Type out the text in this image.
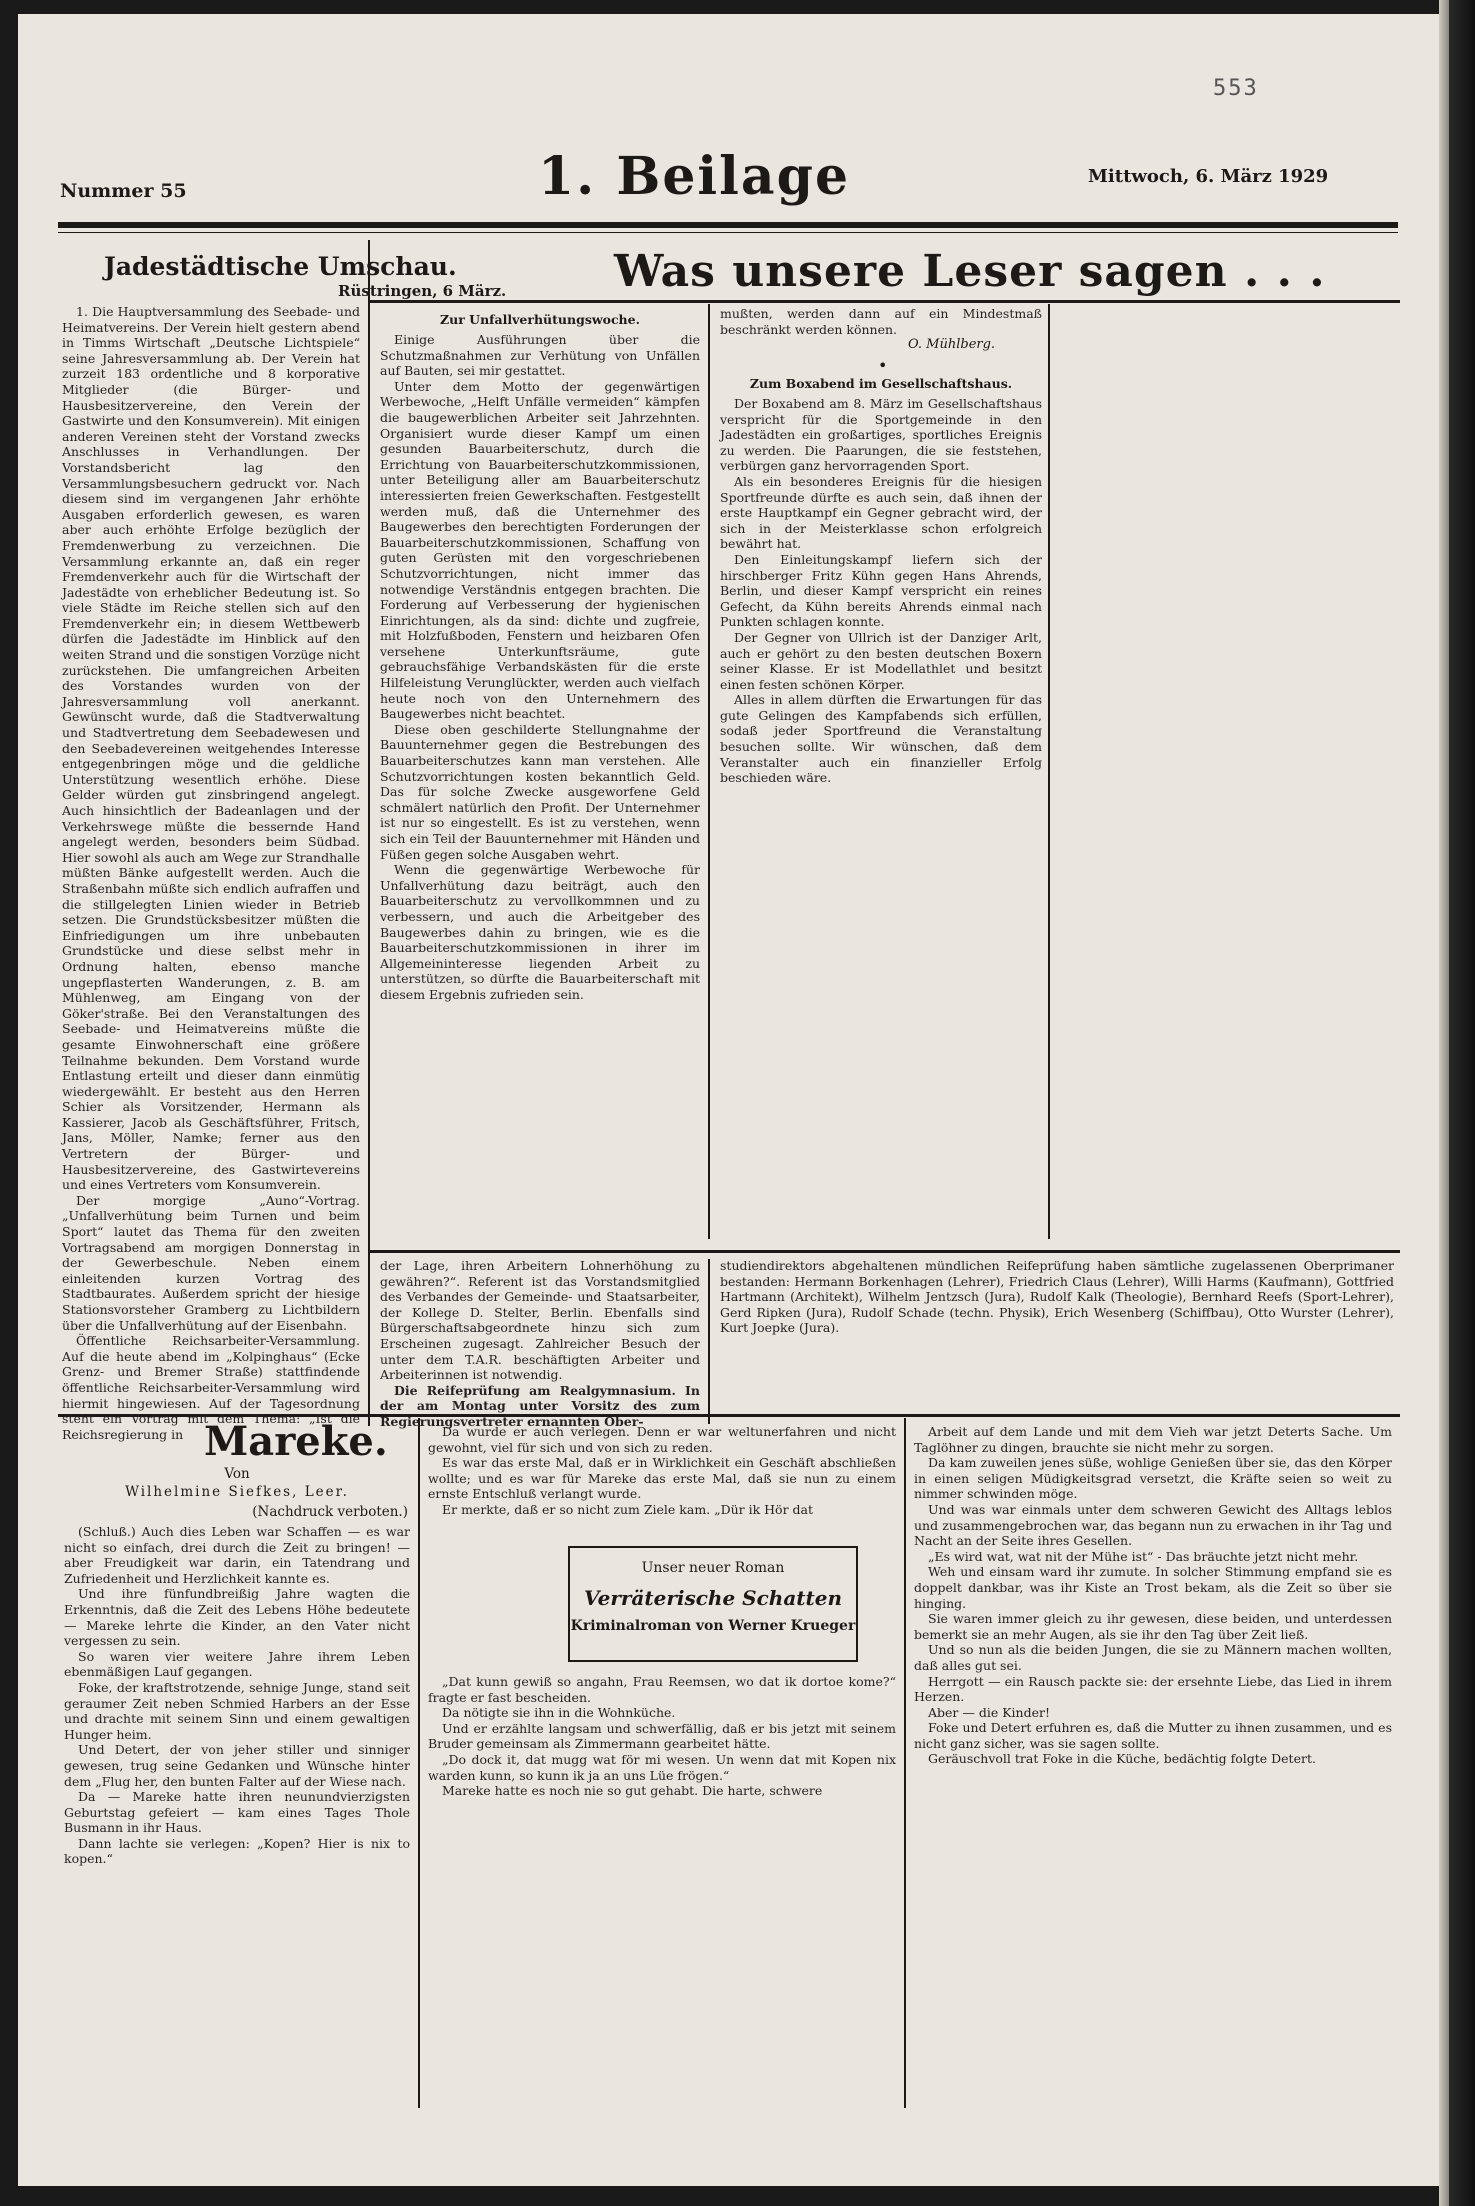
553
Nummer 55	1. Beilage	Mittwoch, 6. März 1929
Jadestädtische Umschau.
Rüstringen, 6 März.

1. Die Hauptversammlung des Seebade- und Heimatvereins. Der Verein hielt gestern abend in Timms Wirtschaft „Deutsche Lichtspiele“ seine Jahresversammlung ab. Der Verein hat zurzeit 183 ordentliche und 8 korporative Mitglieder (die Bürger- und Hausbesitzervereine, den Verein der Gastwirte und den Konsumverein). Mit einigen anderen Vereinen steht der Vorstand zwecks Anschlusses in Verhandlungen. Der Vorstandsbericht lag den Versammlungsbesuchern gedruckt vor. Nach diesem sind im vergangenen Jahr erhöhte Ausgaben erforderlich gewesen, es waren aber auch erhöhte Erfolge bezüglich der Fremdenwerbung zu verzeichnen. Die Versammlung erkannte an, daß ein reger Fremdenverkehr auch für die Wirtschaft der Jadestädte von erheblicher Bedeutung ist. So viele Städte im Reiche stellen sich auf den Fremdenverkehr ein; in diesem Wettbewerb dürfen die Jadestädte im Hinblick auf den weiten Strand und die sonstigen Vorzüge nicht zurückstehen. Die umfangreichen Arbeiten des Vorstandes wurden von der Jahresversammlung voll anerkannt. Gewünscht wurde, daß die Stadtverwaltung und Stadtvertretung dem Seebadewesen und den Seebadevereinen weitgehendes Interesse entgegenbringen möge und die geldliche Unterstützung wesentlich erhöhe. Diese Gelder würden gut zinsbringend angelegt. Auch hinsichtlich der Badeanlagen und der Verkehrswege müßte die bessernde Hand angelegt werden, besonders beim Südbad. Hier sowohl als auch am Wege zur Strandhalle müßten Bänke aufgestellt werden. Auch die Straßenbahn müßte sich endlich aufraffen und die stillgelegten Linien wieder in Betrieb setzen. Die Grundstücksbesitzer müßten die Einfriedigungen um ihre unbebauten Grundstücke und diese selbst mehr in Ordnung halten, ebenso manche ungepflasterten Wanderungen, z. B. am Mühlenweg, am Eingang von der Göker'straße. Bei den Veranstaltungen des Seebade- und Heimatvereins müßte die gesamte Einwohnerschaft eine größere Teilnahme bekunden. Dem Vorstand wurde Entlastung erteilt und dieser dann einmütig wiedergewählt. Er besteht aus den Herren Schier als Vorsitzender, Hermann als Kassierer, Jacob als Geschäftsführer, Fritsch, Jans, Möller, Namke; ferner aus den Vertretern der Bürger- und Hausbesitzervereine, des Gastwirtevereins und eines Vertreters vom Konsumverein.

Der morgige „Auno“-Vortrag. „Unfallverhütung beim Turnen und beim Sport“ lautet das Thema für den zweiten Vortragsabend am morgigen Donnerstag in der Gewerbeschule. Neben einem einleitenden kurzen Vortrag des Stadtbaurates. Außerdem spricht der hiesige Stationsvorsteher Gramberg zu Lichtbildern über die Unfallverhütung auf der Eisenbahn.

Öffentliche Reichsarbeiter-Versammlung. Auf die heute abend im „Kolpinghaus“ (Ecke Grenz- und Bremer Straße) stattfindende öffentliche Reichsarbeiter-Versammlung wird hiermit hingewiesen. Auf der Tagesordnung steht ein Vortrag mit dem Thema: „Ist die Reichsregierung in

Was unsere Leser sagen . . .
Zur Unfallverhütungswoche.

Einige Ausführungen über die Schutzmaßnahmen zur Verhütung von Unfällen auf Bauten, sei mir gestattet.

Unter dem Motto der gegenwärtigen Werbewoche, „Helft Unfälle vermeiden“ kämpfen die baugewerblichen Arbeiter seit Jahrzehnten. Organisiert wurde dieser Kampf um einen gesunden Bauarbeiterschutz, durch die Errichtung von Bauarbeiterschutzkommissionen, unter Beteiligung aller am Bauarbeiterschutz interessierten freien Gewerkschaften. Festgestellt werden muß, daß die Unternehmer des Baugewerbes den berechtigten Forderungen der Bauarbeiterschutzkommissionen, Schaffung von guten Gerüsten mit den vorgeschriebenen Schutzvorrichtungen, nicht immer das notwendige Verständnis entgegen brachten. Die Forderung auf Verbesserung der hygienischen Einrichtungen, als da sind: dichte und zugfreie, mit Holzfußboden, Fenstern und heizbaren Ofen versehene Unterkunftsräume, gute gebrauchsfähige Verbandskästen für die erste Hilfeleistung Verunglückter, werden auch vielfach heute noch von den Unternehmern des Baugewerbes nicht beachtet.

Diese oben geschilderte Stellungnahme der Bauunternehmer gegen die Bestrebungen des Bauarbeiterschutzes kann man verstehen. Alle Schutzvorrichtungen kosten bekanntlich Geld. Das für solche Zwecke ausgeworfene Geld schmälert natürlich den Profit. Der Unternehmer ist nur so eingestellt. Es ist zu verstehen, wenn sich ein Teil der Bauunternehmer mit Händen und Füßen gegen solche Ausgaben wehrt.

Wenn die gegenwärtige Werbewoche für Unfallverhütung dazu beiträgt, auch den Bauarbeiterschutz zu vervollkommnen und zu verbessern, und auch die Arbeitgeber des Baugewerbes dahin zu bringen, wie es die Bauarbeiterschutzkommissionen in ihrer im Allgemeininteresse liegenden Arbeit zu unterstützen, so dürfte die Bauarbeiterschaft mit diesem Ergebnis zufrieden sein.

mußten, werden dann auf ein Mindestmaß beschränkt werden können.

O. Mühlberg.
•
Zum Boxabend im Gesellschaftshaus.

Der Boxabend am 8. März im Gesellschaftshaus verspricht für die Sportgemeinde in den Jadestädten ein großartiges, sportliches Ereignis zu werden. Die Paarungen, die sie feststehen, verbürgen ganz hervorragenden Sport.

Als ein besonderes Ereignis für die hiesigen Sportfreunde dürfte es auch sein, daß ihnen der erste Hauptkampf ein Gegner gebracht wird, der sich in der Meisterklasse schon erfolgreich bewährt hat.

Den Einleitungskampf liefern sich der hirschberger Fritz Kühn gegen Hans Ahrends, Berlin, und dieser Kampf verspricht ein reines Gefecht, da Kühn bereits Ahrends einmal nach Punkten schlagen konnte.

Der Gegner von Ullrich ist der Danziger Arlt, auch er gehört zu den besten deutschen Boxern seiner Klasse. Er ist Modellathlet und besitzt einen festen schönen Körper.

Alles in allem dürften die Erwartungen für das gute Gelingen des Kampfabends sich erfüllen, sodaß jeder Sportfreund die Veranstaltung besuchen sollte. Wir wünschen, daß dem Veranstalter auch ein finanzieller Erfolg beschieden wäre.

der Lage, ihren Arbeitern Lohnerhöhung zu gewähren?“. Referent ist das Vorstandsmitglied des Verbandes der Gemeinde- und Staatsarbeiter, der Kollege D. Stelter, Berlin. Ebenfalls sind Bürgerschaftsabgeordnete hinzu sich zum Erscheinen zugesagt. Zahlreicher Besuch der unter dem T.A.R. beschäftigten Arbeiter und Arbeiterinnen ist notwendig.

Die Reifeprüfung am Realgymnasium. In der am Montag unter Vorsitz des zum Regierungsvertreter ernannten Ober-

studiendirektors abgehaltenen mündlichen Reifeprüfung haben sämtliche zugelassenen Oberprimaner bestanden: Hermann Borkenhagen (Lehrer), Friedrich Claus (Lehrer), Willi Harms (Kaufmann), Gottfried Hartmann (Architekt), Wilhelm Jentzsch (Jura), Rudolf Kalk (Theologie), Bernhard Reefs (Sport-Lehrer), Gerd Ripken (Jura), Rudolf Schade (techn. Physik), Erich Wesenberg (Schiffbau), Otto Wurster (Lehrer), Kurt Joepke (Jura).

Mareke.
Von
Wilhelmine Siefkes, Leer.
(Nachdruck verboten.)

(Schluß.) Auch dies Leben war Schaffen — es war nicht so einfach, drei durch die Zeit zu bringen! — aber Freudigkeit war darin, ein Tatendrang und Zufriedenheit und Herzlichkeit kannte es.

Und ihre fünfundbreißig Jahre wagten die Erkenntnis, daß die Zeit des Lebens Höhe bedeutete — Mareke lehrte die Kinder, an den Vater nicht vergessen zu sein.

So waren vier weitere Jahre ihrem Leben ebenmäßigen Lauf gegangen.

Foke, der kraftstrotzende, sehnige Junge, stand seit geraumer Zeit neben Schmied Harbers an der Esse und drachte mit seinem Sinn und einem gewaltigen Hunger heim.

Und Detert, der von jeher stiller und sinniger gewesen, trug seine Gedanken und Wünsche hinter dem „Flug her, den bunten Falter auf der Wiese nach.

Da — Mareke hatte ihren neunundvierzigsten Geburtstag gefeiert — kam eines Tages Thole Busmann in ihr Haus.

Dann lachte sie verlegen: „Kopen? Hier is nix to kopen.“

Da wurde er auch verlegen. Denn er war weltunerfahren und nicht gewohnt, viel für sich und von sich zu reden.

Es war das erste Mal, daß er in Wirklichkeit ein Geschäft abschließen wollte; und es war für Mareke das erste Mal, daß sie nun zu einem ernste Entschluß verlangt wurde.

Er merkte, daß er so nicht zum Ziele kam. „Dür ik Hör dat

Unser neuer Roman
Verräterische Schatten
Kriminalroman von Werner Krueger

„Dat kunn gewiß so angahn, Frau Reemsen, wo dat ik dortoe kome?“ fragte er fast bescheiden.

Da nötigte sie ihn in die Wohnküche.

Und er erzählte langsam und schwerfällig, daß er bis jetzt mit seinem Bruder gemeinsam als Zimmermann gearbeitet hätte.

„Do dock it, dat mugg wat för mi wesen. Un wenn dat mit Kopen nix warden kunn, so kunn ik ja an uns Lüe frögen.“

Mareke hatte es noch nie so gut gehabt. Die harte, schwere

Arbeit auf dem Lande und mit dem Vieh war jetzt Deterts Sache. Um Taglöhner zu dingen, brauchte sie nicht mehr zu sorgen.

Da kam zuweilen jenes süße, wohlige Genießen über sie, das den Körper in einen seligen Müdigkeitsgrad versetzt, die Kräfte seien so weit zu nimmer schwinden möge.

Und was war einmals unter dem schweren Gewicht des Alltags leblos und zusammengebrochen war, das begann nun zu erwachen in ihr Tag und Nacht an der Seite ihres Gesellen.

„Es wird wat, wat nit der Mühe ist“ - Das bräuchte jetzt nicht mehr.

Weh und einsam ward ihr zumute. In solcher Stimmung empfand sie es doppelt dankbar, was ihr Kiste an Trost bekam, als die Zeit so über sie hinging.

Sie waren immer gleich zu ihr gewesen, diese beiden, und unterdessen bemerkt sie an mehr Augen, als sie ihr den Tag über Zeit ließ.

Und so nun als die beiden Jungen, die sie zu Männern machen wollten, daß alles gut sei.

Herrgott — ein Rausch packte sie: der ersehnte Liebe, das Lied in ihrem Herzen.

Aber — die Kinder!

Foke und Detert erfuhren es, daß die Mutter zu ihnen zusammen, und es nicht ganz sicher, was sie sagen sollte.

Geräuschvoll trat Foke in die Küche, bedächtig folgte Detert.
